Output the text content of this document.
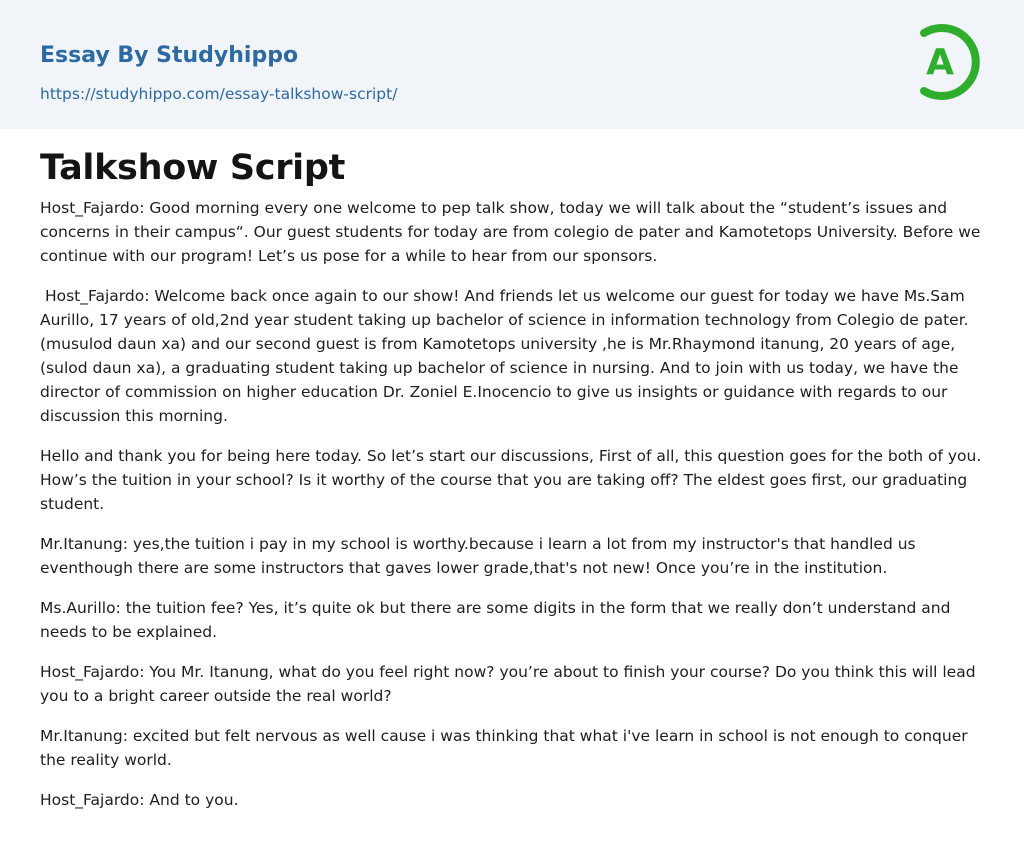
Essay By Studyhippo
https://studyhippo.com/essay-talkshow-script/
A
Talkshow Script

Host_Fajardo: Good morning every one welcome to pep talk show, today we will talk about the “student’s issues and concerns in their campus“. Our guest students for today are from colegio de pater and Kamotetops University. Before we continue with our program! Let’s us pose for a while to hear from our sponsors.

Host_Fajardo: Welcome back once again to our show! And friends let us welcome our guest for today we have Ms.Sam Aurillo, 17 years of old,2nd year student taking up bachelor of science in information technology from Colegio de pater. (musulod daun xa) and our second guest is from Kamotetops university ,he is Mr.Rhaymond itanung, 20 years of age, (sulod daun xa), a graduating student taking up bachelor of science in nursing. And to join with us today, we have the director of commission on higher education Dr. Zoniel E.Inocencio to give us insights or guidance with regards to our discussion this morning.

Hello and thank you for being here today. So let’s start our discussions, First of all, this question goes for the both of you. How’s the tuition in your school? Is it worthy of the course that you are taking off? The eldest goes first, our graduating student.

Mr.Itanung: yes,the tuition i pay in my school is worthy.because i learn a lot from my instructor's that handled us eventhough there are some instructors that gaves lower grade,that's not new! Once you’re in the institution.

Ms.Aurillo: the tuition fee? Yes, it’s quite ok but there are some digits in the form that we really don’t understand and needs to be explained.

Host_Fajardo: You Mr. Itanung, what do you feel right now? you’re about to finish your course? Do you think this will lead you to a bright career outside the real world?

Mr.Itanung: excited but felt nervous as well cause i was thinking that what i've learn in school is not enough to conquer the reality world.

Host_Fajardo: And to you.
